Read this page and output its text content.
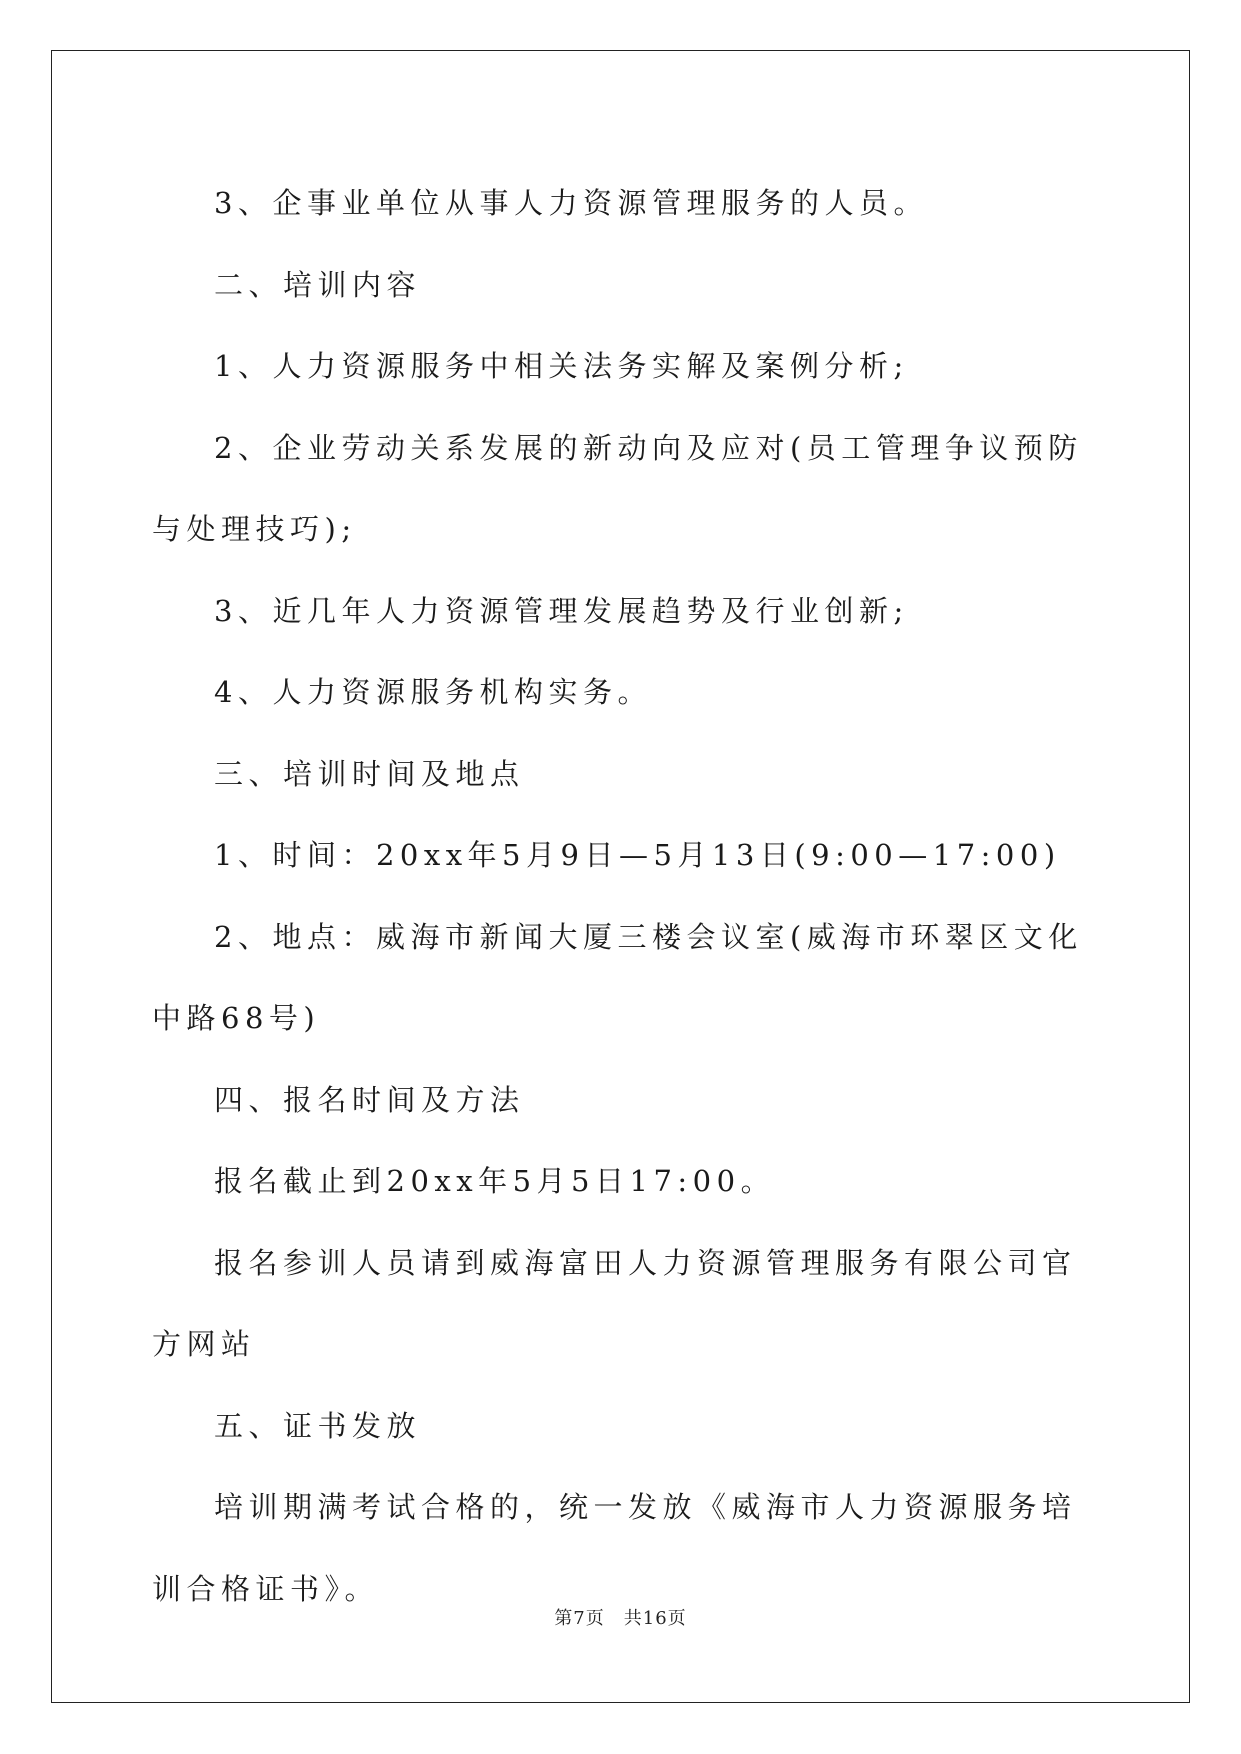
3、企事业单位从事人力资源管理服务的人员。

二、培训内容

1、人力资源服务中相关法务实解及案例分析;

2、企业劳动关系发展的新动向及应对(员工管理争议预防与处理技巧);

3、近几年人力资源管理发展趋势及行业创新;

4、人力资源服务机构实务。

三、培训时间及地点

1、时间：20xx年5月9日—5月13日(9:00—17:00)

2、地点：威海市新闻大厦三楼会议室(威海市环翠区文化中路68号)

四、报名时间及方法

报名截止到20xx年5月5日17:00。

报名参训人员请到威海富田人力资源管理服务有限公司官方网站

五、证书发放

培训期满考试合格的，统一发放《威海市人力资源服务培训合格证书》。

第7页　共16页
